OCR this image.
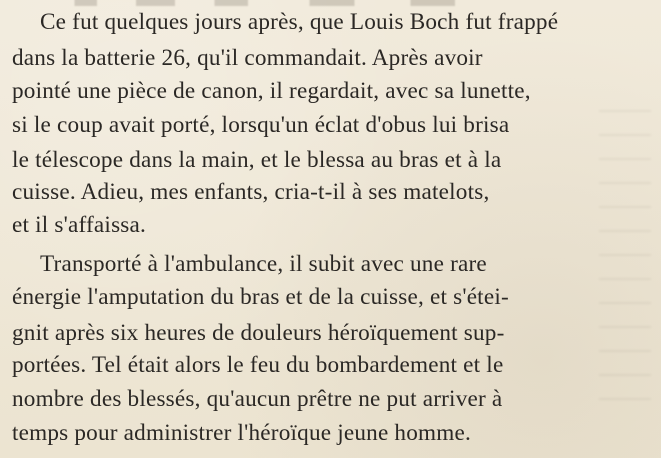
Ce fut quelques jours après, que Louis Boch fut frappé
dans la batterie 26, qu'il commandait. Après avoir
pointé une pièce de canon, il regardait, avec sa lunette,
si le coup avait porté, lorsqu'un éclat d'obus lui brisa
le télescope dans la main, et le blessa au bras et à la
cuisse. Adieu, mes enfants, cria-t-il à ses matelots,
et il s'affaissa.
Transporté à l'ambulance, il subit avec une rare
énergie l'amputation du bras et de la cuisse, et s'étei-
gnit après six heures de douleurs héroïquement sup-
portées. Tel était alors le feu du bombardement et le
nombre des blessés, qu'aucun prêtre ne put arriver à
temps pour administrer l'héroïque jeune homme.
